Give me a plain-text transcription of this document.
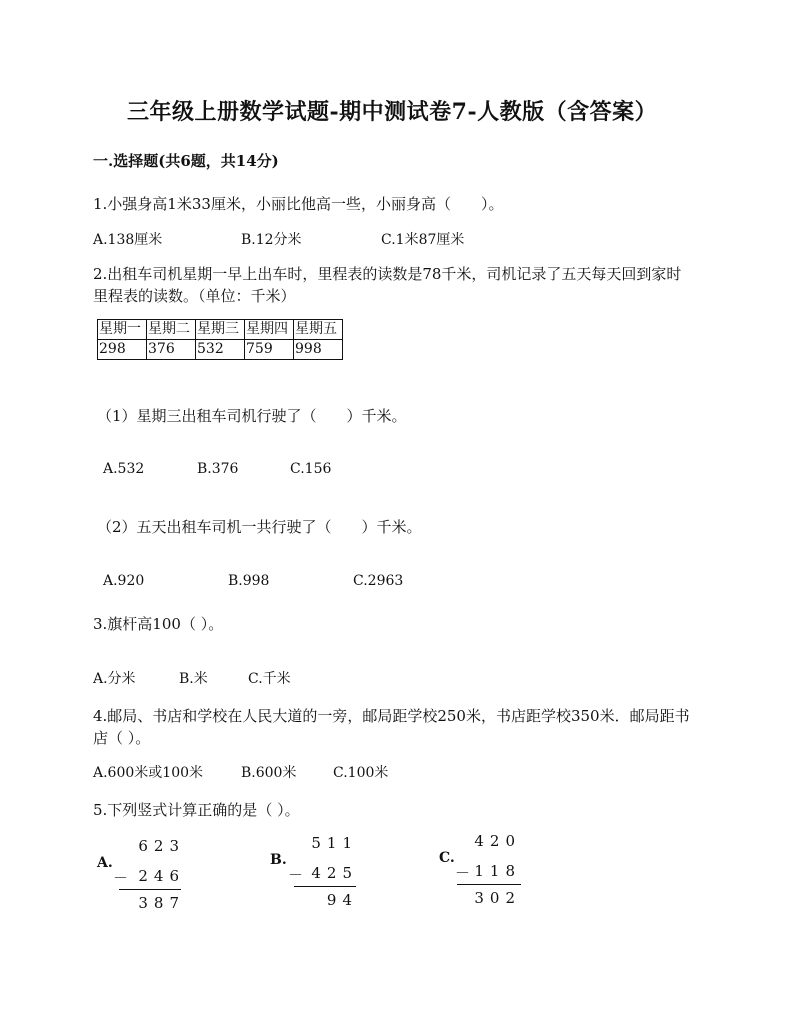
三年级上册数学试题-期中测试卷7-人教版（含答案）
一.选择题(共6题，共14分)
1.小强身高1米33厘米，小丽比他高一些，小丽身高（　　）。
A.138厘米	B.12分米	C.1米87厘米
2.出租车司机星期一早上出车时，里程表的读数是78千米，司机记录了五天每天回到家时
里程表的读数。（单位：千米）
星期一	星期二	星期三	星期四	星期五
298	376	532	759	998
（1）星期三出租车司机行驶了（　　）千米。
A.532	B.376	C.156
（2）五天出租车司机一共行驶了（　　）千米。
A.920	B.998	C.2963
3.旗杆高100（ ）。
A.分米	B.米	C.千米
4.邮局、书店和学校在人民大道的一旁，邮局距学校250米，书店距学校350米．邮局距书
店（ ）。
A.600米或100米	B.600米	C.100米
5.下列竖式计算正确的是（ ）。
A.
623
－ 246
387
B.
511
－ 425
94
C.
420
－ 118
302
